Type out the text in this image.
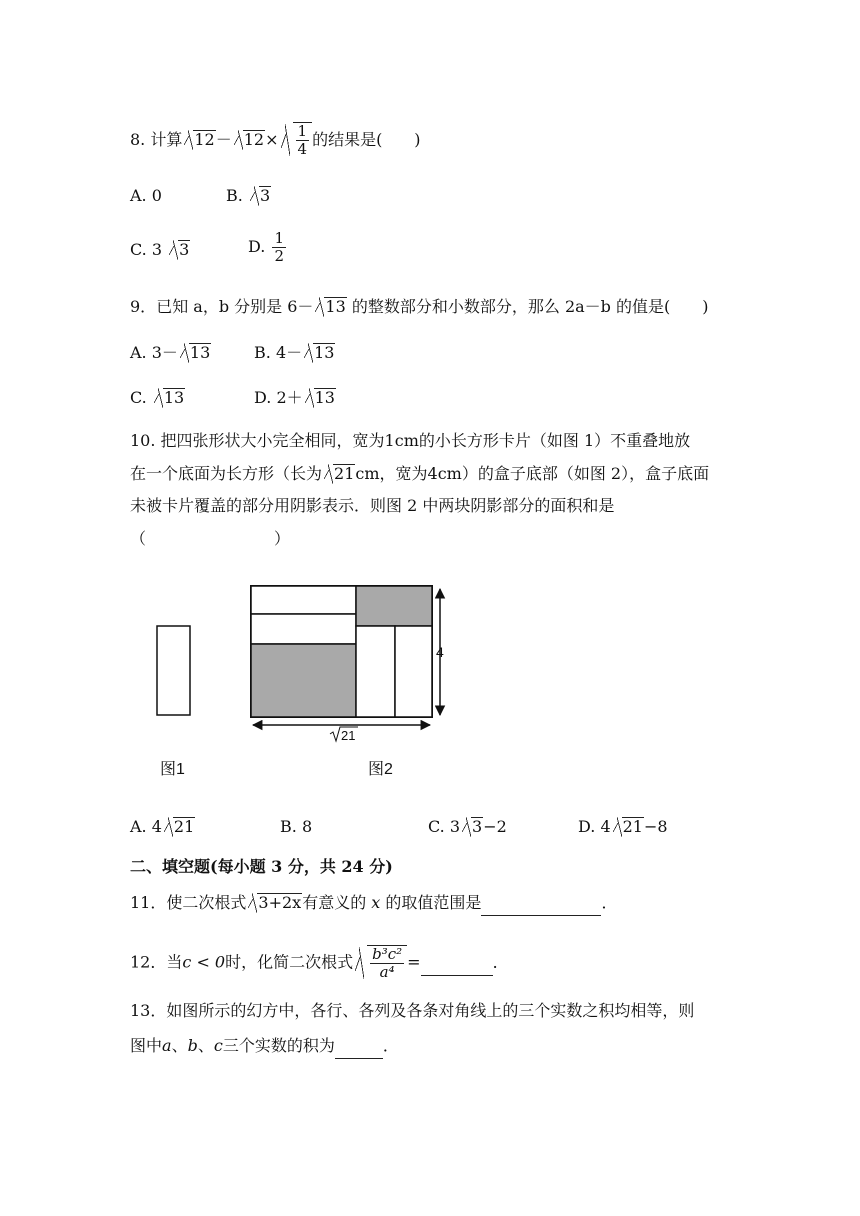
8. 计算 $12- 12\times \frac{1}{4}$ 的结果是(　　)
A. 0	B. 3
C. 3 3	D. $\frac{1}{2}$
9．已知 a，b 分别是 6－ 13 的整数部分和小数部分，那么 2a－b 的值是(　　)
A. 3－ 13	B. 4－ 13
C. 13	D. 2＋ 13
10. 把四张形状大小完全相同，宽为1cm的小长方形卡片（如图 1）不重叠地放
在一个底面为长方形（长为 21cm，宽为4cm）的盒子底部（如图 2），盒子底面
未被卡片覆盖的部分用阴影表示．则图 2 中两块阴影部分的面积和是
（　　　　　　　　）
4
21
图1	图2
A. 4 21	B. 8	C. 3 3−2	D. 4 21−8
二、填空题(每小题 3 分，共 24 分)
11．使二次根式 3+2x有意义的 x 的取值范围是	．
12．当c < 0时，化简二次根式 $\frac{\text{b³c²}}{\text{a⁴}}$ =	．
13．如图所示的幻方中，各行、各列及各条对角线上的三个实数之积均相等，则
图中a、b、c三个实数的积为	．
